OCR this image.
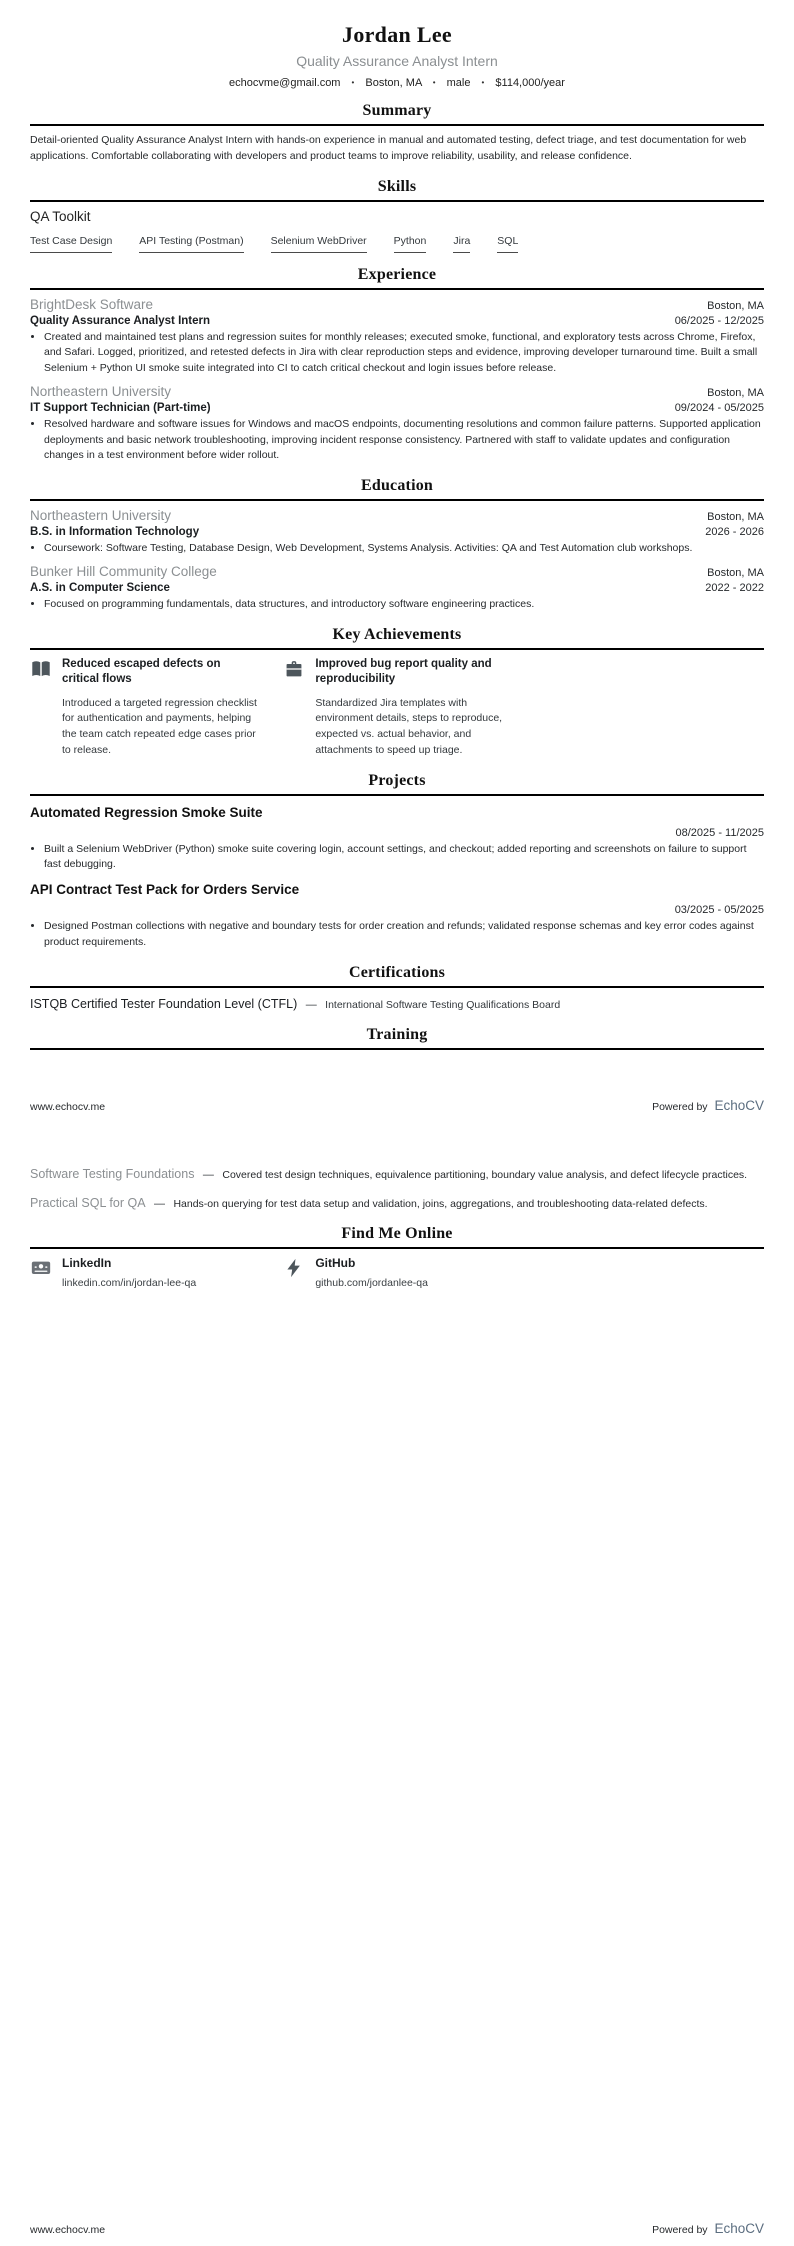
Jordan Lee
Quality Assurance Analyst Intern
echocvme@gmail.com • Boston, MA • male • $114,000/year
Summary
Detail-oriented Quality Assurance Analyst Intern with hands-on experience in manual and automated testing, defect triage, and test documentation for web applications. Comfortable collaborating with developers and product teams to improve reliability, usability, and release confidence.
Skills
QA Toolkit
Test Case Design	API Testing (Postman)	Selenium WebDriver	Python	Jira	SQL
Experience
BrightDesk Software	Boston, MA
Quality Assurance Analyst Intern	06/2025 - 12/2025
• Created and maintained test plans and regression suites for monthly releases; executed smoke, functional, and exploratory tests across Chrome, Firefox, and Safari. Logged, prioritized, and retested defects in Jira with clear reproduction steps and evidence, improving developer turnaround time. Built a small Selenium + Python UI smoke suite integrated into CI to catch critical checkout and login issues before release.
Northeastern University	Boston, MA
IT Support Technician (Part-time)	09/2024 - 05/2025
• Resolved hardware and software issues for Windows and macOS endpoints, documenting resolutions and common failure patterns. Supported application deployments and basic network troubleshooting, improving incident response consistency. Partnered with staff to validate updates and configuration changes in a test environment before wider rollout.
Education
Northeastern University	Boston, MA
B.S. in Information Technology	2026 - 2026
• Coursework: Software Testing, Database Design, Web Development, Systems Analysis. Activities: QA and Test Automation club workshops.
Bunker Hill Community College	Boston, MA
A.S. in Computer Science	2022 - 2022
• Focused on programming fundamentals, data structures, and introductory software engineering practices.
Key Achievements
Reduced escaped defects on critical flows
Introduced a targeted regression checklist for authentication and payments, helping the team catch repeated edge cases prior to release.
Improved bug report quality and reproducibility
Standardized Jira templates with environment details, steps to reproduce, expected vs. actual behavior, and attachments to speed up triage.
Projects
Automated Regression Smoke Suite
08/2025 - 11/2025
• Built a Selenium WebDriver (Python) smoke suite covering login, account settings, and checkout; added reporting and screenshots on failure to support fast debugging.
API Contract Test Pack for Orders Service
03/2025 - 05/2025
• Designed Postman collections with negative and boundary tests for order creation and refunds; validated response schemas and key error codes against product requirements.
Certifications
ISTQB Certified Tester Foundation Level (CTFL) — International Software Testing Qualifications Board
Training
www.echocv.me	Powered by EchoCV
Software Testing Foundations — Covered test design techniques, equivalence partitioning, boundary value analysis, and defect lifecycle practices.
Practical SQL for QA — Hands-on querying for test data setup and validation, joins, aggregations, and troubleshooting data-related defects.
Find Me Online
LinkedIn
linkedin.com/in/jordan-lee-qa
GitHub
github.com/jordanlee-qa
www.echocv.me	Powered by EchoCV
